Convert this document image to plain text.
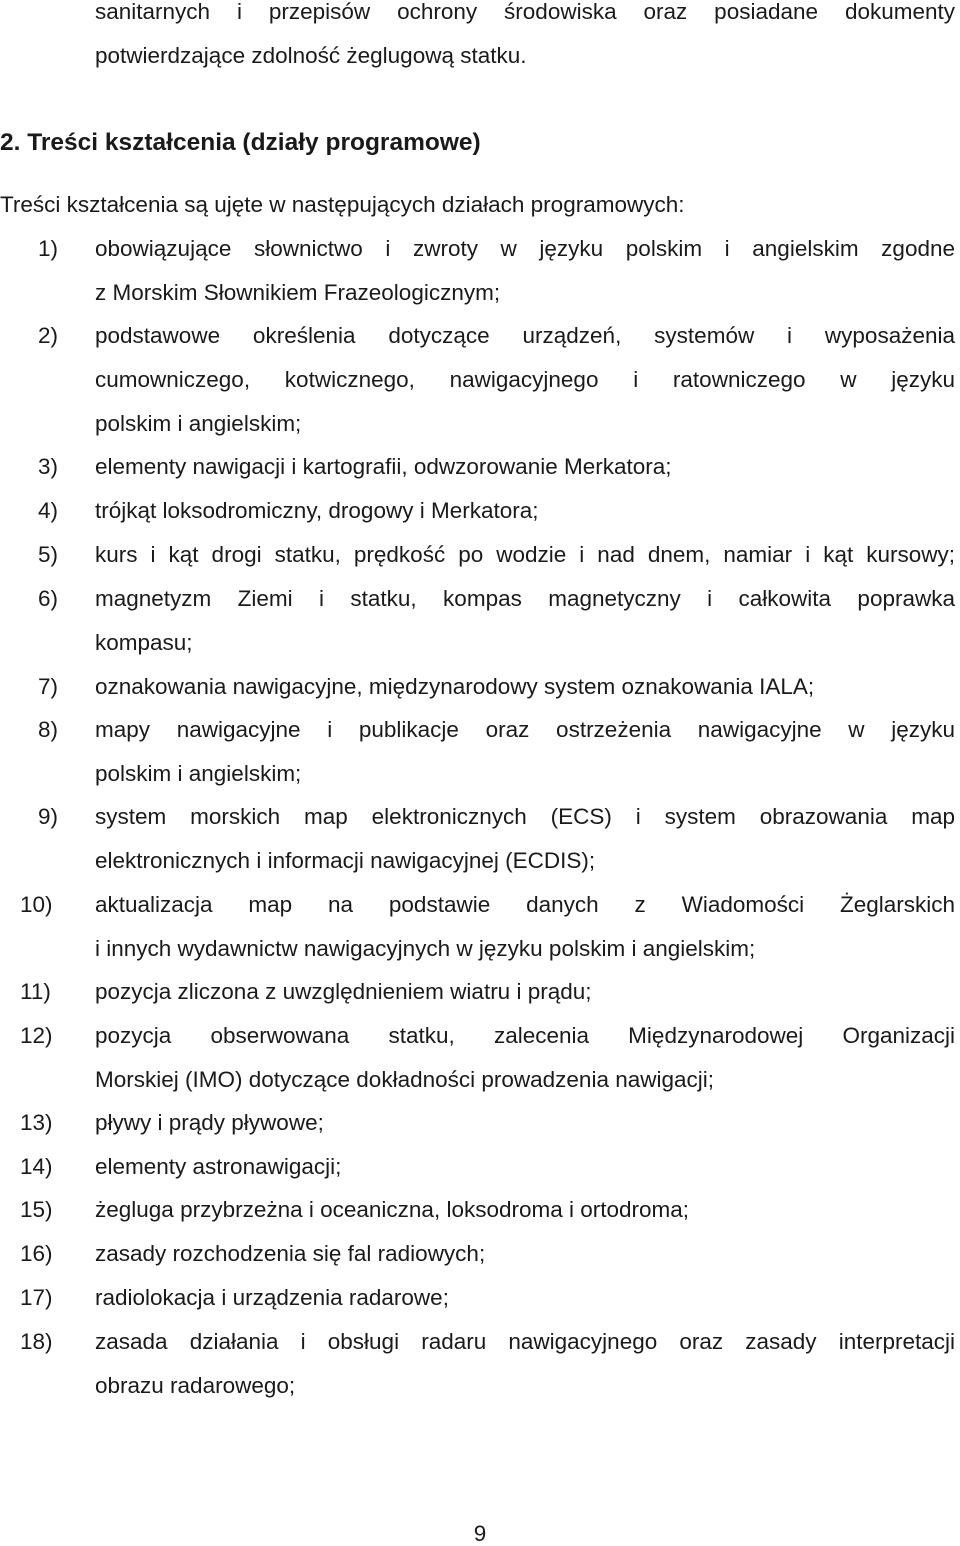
sanitarnych i przepisów ochrony środowiska oraz posiadane dokumenty
potwierdzające zdolność żeglugową statku.
2. Treści kształcenia (działy programowe)
Treści kształcenia są ujęte w następujących działach programowych:
1) obowiązujące słownictwo i zwroty w języku polskim i angielskim zgodne
z Morskim Słownikiem Frazeologicznym;
2) podstawowe określenia dotyczące urządzeń, systemów i wyposażenia
cumowniczego, kotwicznego, nawigacyjnego i ratowniczego w języku
polskim i angielskim;
3) elementy nawigacji i kartografii, odwzorowanie Merkatora;
4) trójkąt loksodromiczny, drogowy i Merkatora;
5) kurs i kąt drogi statku, prędkość po wodzie i nad dnem, namiar i kąt kursowy;
6) magnetyzm Ziemi i statku, kompas magnetyczny i całkowita poprawka
kompasu;
7) oznakowania nawigacyjne, międzynarodowy system oznakowania IALA;
8) mapy nawigacyjne i publikacje oraz ostrzeżenia nawigacyjne w języku
polskim i angielskim;
9) system morskich map elektronicznych (ECS) i system obrazowania map
elektronicznych i informacji nawigacyjnej (ECDIS);
10) aktualizacja map na podstawie danych z Wiadomości Żeglarskich
i innych wydawnictw nawigacyjnych w języku polskim i angielskim;
11) pozycja zliczona z uwzględnieniem wiatru i prądu;
12) pozycja obserwowana statku, zalecenia Międzynarodowej Organizacji
Morskiej (IMO) dotyczące dokładności prowadzenia nawigacji;
13) pływy i prądy pływowe;
14) elementy astronawigacji;
15) żegluga przybrzeżna i oceaniczna, loksodroma i ortodroma;
16) zasady rozchodzenia się fal radiowych;
17) radiolokacja i urządzenia radarowe;
18) zasada działania i obsługi radaru nawigacyjnego oraz zasady interpretacji
obrazu radarowego;
9
